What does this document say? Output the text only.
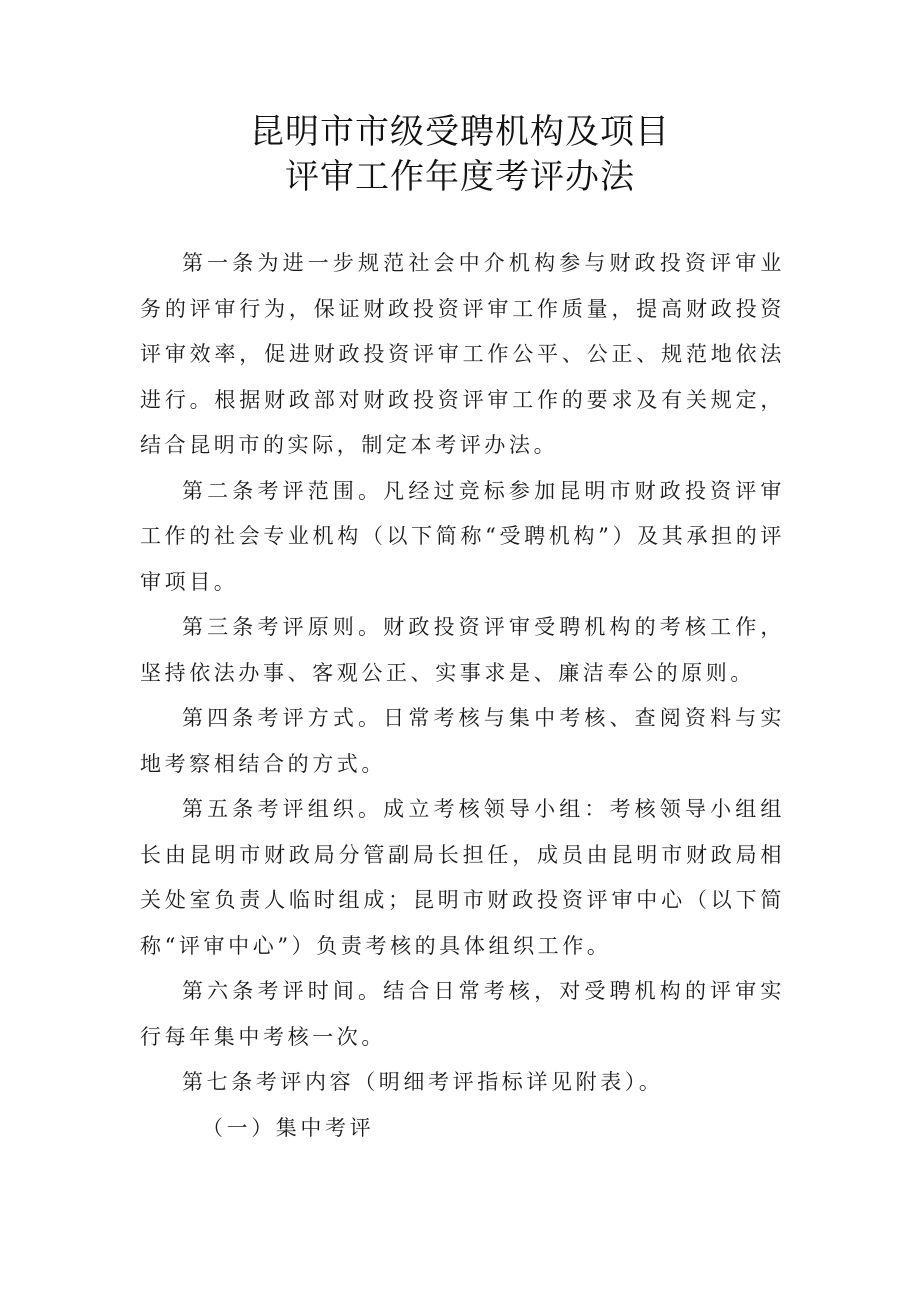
昆明市市级受聘机构及项目
评审工作年度考评办法

第一条为进一步规范社会中介机构参与财政投资评审业务的评审行为，保证财政投资评审工作质量，提高财政投资评审效率，促进财政投资评审工作公平、公正、规范地依法进行。根据财政部对财政投资评审工作的要求及有关规定，结合昆明市的实际，制定本考评办法。

第二条考评范围。凡经过竞标参加昆明市财政投资评审工作的社会专业机构（以下简称“受聘机构”）及其承担的评审项目。

第三条考评原则。财政投资评审受聘机构的考核工作，坚持依法办事、客观公正、实事求是、廉洁奉公的原则。

第四条考评方式。日常考核与集中考核、查阅资料与实地考察相结合的方式。

第五条考评组织。成立考核领导小组：考核领导小组组长由昆明市财政局分管副局长担任，成员由昆明市财政局相关处室负责人临时组成；昆明市财政投资评审中心（以下简称“评审中心”）负责考核的具体组织工作。

第六条考评时间。结合日常考核，对受聘机构的评审实行每年集中考核一次。

第七条考评内容（明细考评指标详见附表）。

（一）集中考评
